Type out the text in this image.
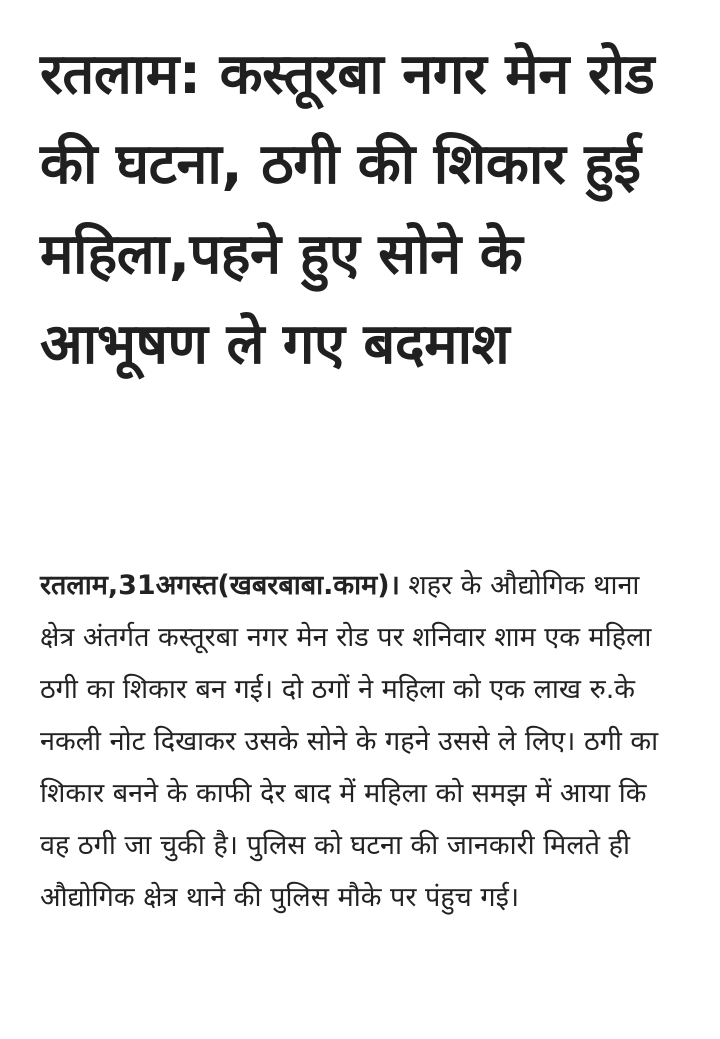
रतलाम: कस्तूरबा नगर मेन रोड की घटना, ठगी की शिकार हुई महिला,पहने हुए सोने के आभूषण ले गए बदमाश

रतलाम,31अगस्त(खबरबाबा.काम)। शहर के औद्योगिक थाना क्षेत्र अंतर्गत कस्तूरबा नगर मेन रोड पर शनिवार शाम एक महिला ठगी का शिकार बन गई। दो ठगों ने महिला को एक लाख रु.के नकली नोट दिखाकर उसके सोने के गहने उससे ले लिए। ठगी का शिकार बनने के काफी देर बाद में महिला को समझ में आया कि वह ठगी जा चुकी है। पुलिस को घटना की जानकारी मिलते ही औद्योगिक क्षेत्र थाने की पुलिस मौके पर पंहुच गई।
